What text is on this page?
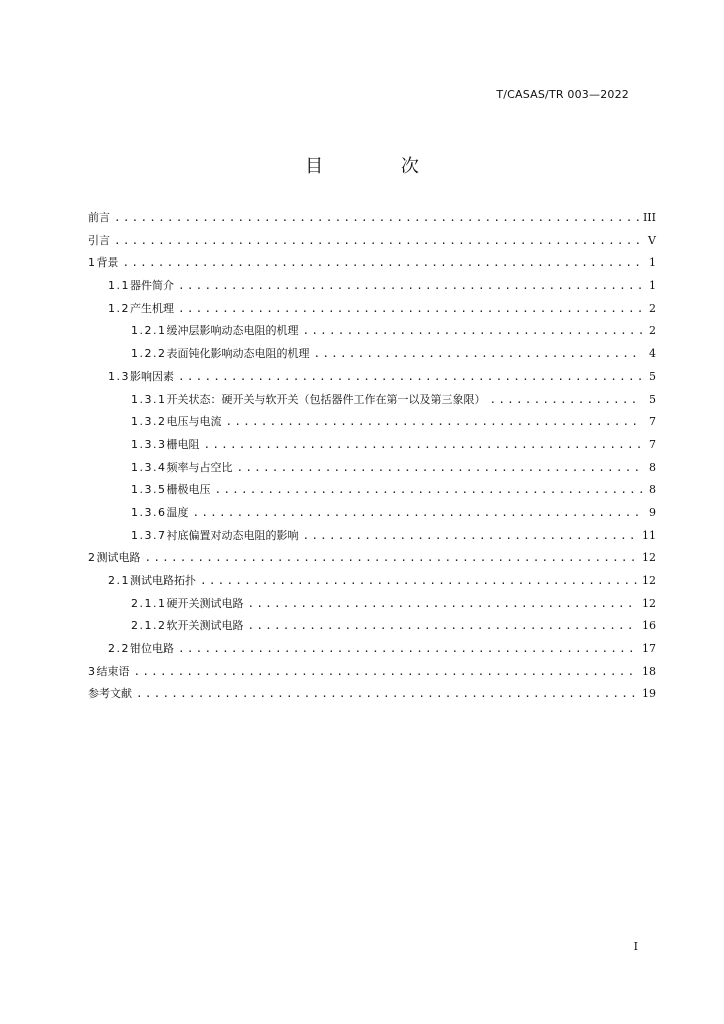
T/CASAS/TR 003—2022
目 次
前言 .....	III
引言 .....	V
1 背景 .....	1
1.1 器件简介 .....	1
1.2 产生机理 .....	2
1.2.1 缓冲层影响动态电阻的机理 .....	2
1.2.2 表面钝化影响动态电阻的机理 .....	4
1.3 影响因素 .....	5
1.3.1 开关状态：硬开关与软开关（包括器件工作在第一以及第三象限） .....	5
1.3.2 电压与电流 .....	7
1.3.3 栅电阻 .....	7
1.3.4 频率与占空比 .....	8
1.3.5 栅极电压 .....	8
1.3.6 温度 .....	9
1.3.7 衬底偏置对动态电阻的影响 .....	11
2 测试电路 .....	12
2.1 测试电路拓扑 .....	12
2.1.1 硬开关测试电路 .....	12
2.1.2 软开关测试电路 .....	16
2.2 钳位电路 .....	17
3 结束语 .....	18
参考文献 .....	19
I
